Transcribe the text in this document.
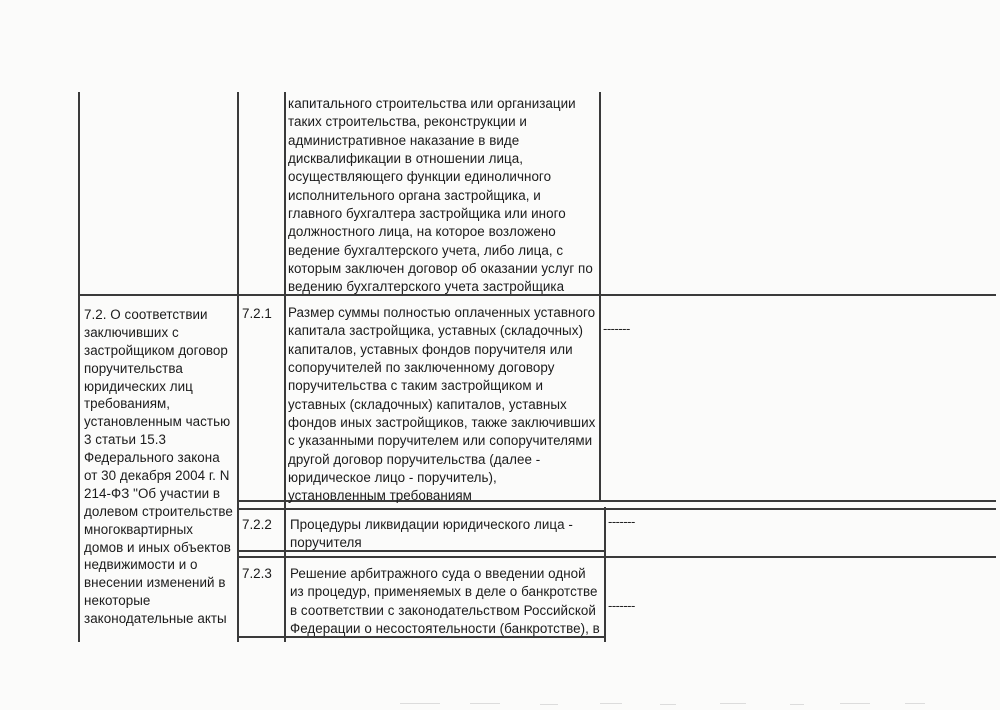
капитального строительства или организации
таких строительства, реконструкции и
административное наказание в виде
дисквалификации в отношении лица,
осуществляющего функции единоличного
исполнительного органа застройщика, и
главного бухгалтера застройщика или иного
должностного лица, на которое возложено
ведение бухгалтерского учета, либо лица, с
которым заключен договор об оказании услуг по
ведению бухгалтерского учета застройщика
7.2. О соответствии
заключивших с
застройщиком договор
поручительства
юридических лиц
требованиям,
установленным частью
3 статьи 15.3
Федерального закона
от 30 декабря 2004 г. N
214-ФЗ "Об участии в
долевом строительстве
многоквартирных
домов и иных объектов
недвижимости и о
внесении изменений в
некоторые
законодательные акты
7.2.1 Размер суммы полностью оплаченных уставного
капитала застройщика, уставных (складочных)
капиталов, уставных фондов поручителя или
сопоручителей по заключенному договору
поручительства с таким застройщиком и
уставных (складочных) капиталов, уставных
фондов иных застройщиков, также заключивших
с указанными поручителем или сопоручителями
другой договор поручительства (далее -
юридическое лицо - поручитель),
установленным требованиям
-------
7.2.2 Процедуры ликвидации юридического лица -
поручителя
-------
7.2.3 Решение арбитражного суда о введении одной
из процедур, применяемых в деле о банкротстве
в соответствии с законодательством Российской
Федерации о несостоятельности (банкротстве), в
-------
